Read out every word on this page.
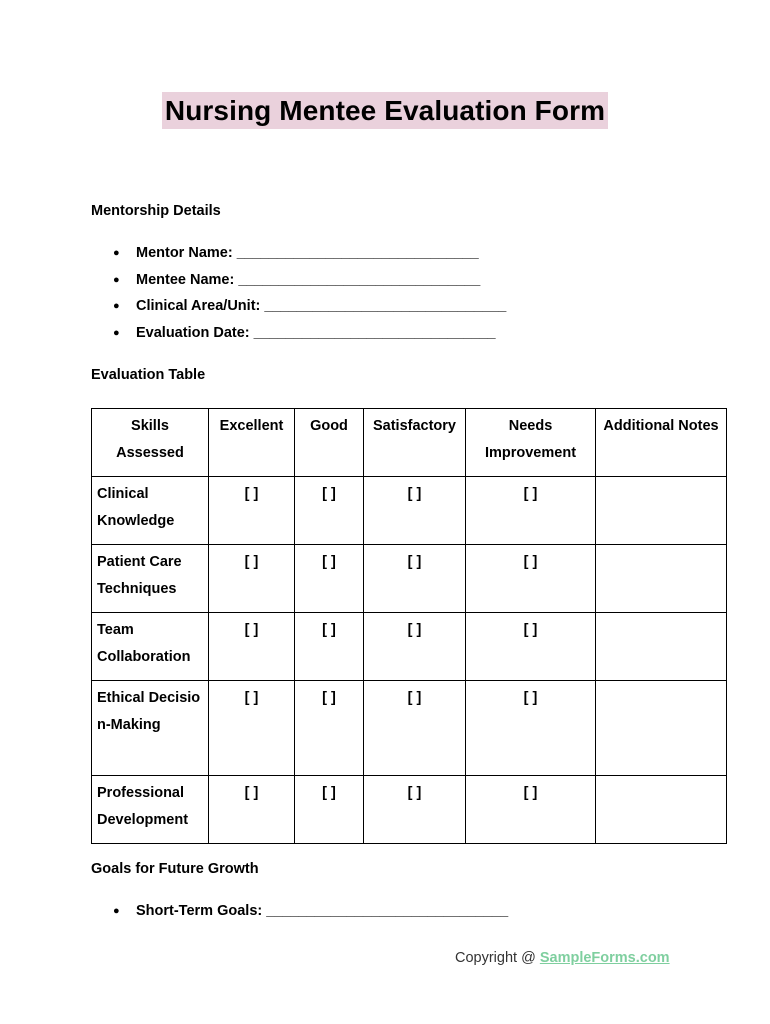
Nursing Mentee Evaluation Form
Mentorship Details
● Mentor Name: ______________________________
● Mentee Name: ______________________________
● Clinical Area/Unit: ______________________________
● Evaluation Date: ______________________________
Evaluation Table
Skills Assessed	Excellent	Good	Satisfactory	Needs Improvement	Additional Notes
Clinical Knowledge	[ ]	[ ]	[ ]	[ ]	
Patient Care Techniques	[ ]	[ ]	[ ]	[ ]	
Team Collaboration	[ ]	[ ]	[ ]	[ ]	
Ethical Decision-Making	[ ]	[ ]	[ ]	[ ]	
Professional Development	[ ]	[ ]	[ ]	[ ]	
Goals for Future Growth
● Short-Term Goals: ______________________________
Copyright @ SampleForms.com
